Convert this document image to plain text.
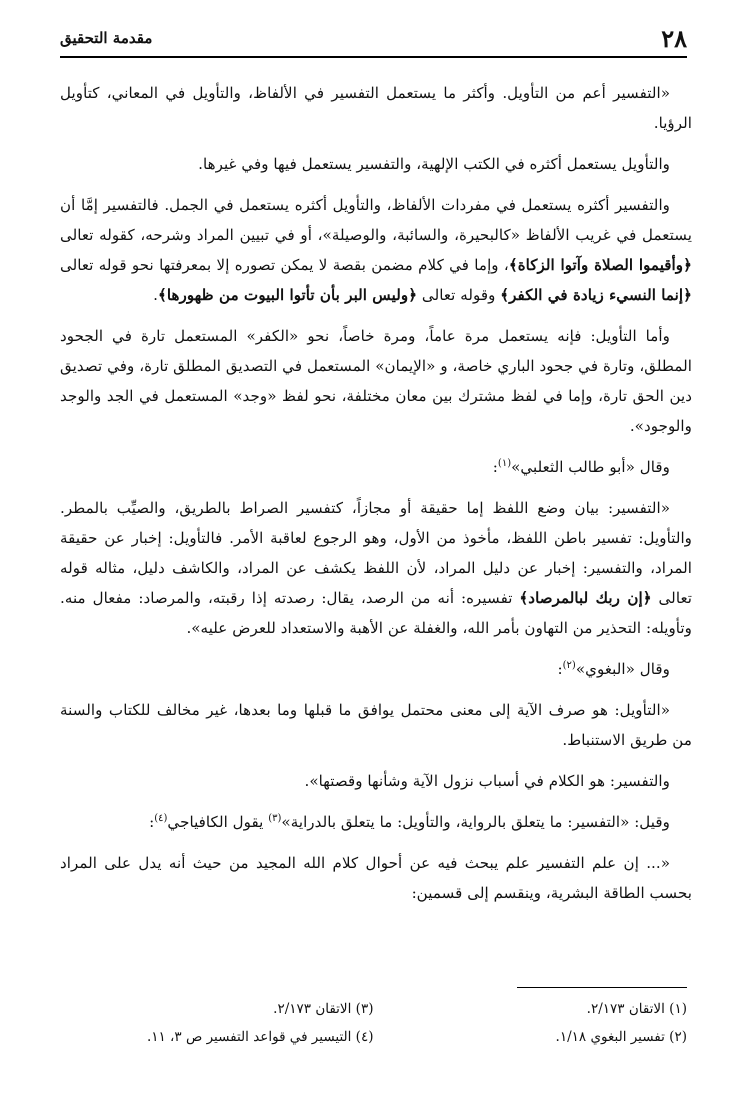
٢٨
مقدمة التحقيق

«التفسير أعم من التأويل. وأكثر ما يستعمل التفسير في الألفاظ، والتأويل في المعاني، كتأويل الرؤيا.

والتأويل يستعمل أكثره في الكتب الإلهية، والتفسير يستعمل فيها وفي غيرها.

والتفسير أكثره يستعمل في مفردات الألفاظ، والتأويل أكثره يستعمل في الجمل. فالتفسير إمَّا أن يستعمل في غريب الألفاظ «كالبحيرة، والسائبة، والوصيلة»، أو في تبيين المراد وشرحه، كقوله تعالى ﴿وأقيموا الصلاة وآتوا الزكاة﴾، وإما في كلام مضمن بقصة لا يمكن تصوره إلا بمعرفتها نحو قوله تعالى ﴿إنما النسيء زيادة في الكفر﴾ وقوله تعالى ﴿وليس البر بأن تأتوا البيوت من ظهورها﴾.

وأما التأويل: فإنه يستعمل مرة عاماً، ومرة خاصاً، نحو «الكفر» المستعمل تارة في الجحود المطلق، وتارة في جحود الباري خاصة، و «الإيمان» المستعمل في التصديق المطلق تارة، وفي تصديق دين الحق تارة، وإما في لفظ مشترك بين معان مختلفة، نحو لفظ «وجد» المستعمل في الجد والوجد والوجود».

وقال «أبو طالب الثعلبي»$^{(١)}$:

«التفسير: بيان وضع اللفظ إما حقيقة أو مجازاً، كتفسير الصراط بالطريق، والصيِّب بالمطر. والتأويل: تفسير باطن اللفظ، مأخوذ من الأول، وهو الرجوع لعاقبة الأمر. فالتأويل: إخبار عن حقيقة المراد، والتفسير: إخبار عن دليل المراد، لأن اللفظ يكشف عن المراد، والكاشف دليل، مثاله قوله تعالى ﴿إن ربك لبالمرصاد﴾ تفسيره: أنه من الرصد، يقال: رصدته إذا رقبته، والمرصاد: مفعال منه. وتأويله: التحذير من التهاون بأمر الله، والغفلة عن الأهبة والاستعداد للعرض عليه».

وقال «البغوي»$^{(٢)}$:

«التأويل: هو صرف الآية إلى معنى محتمل يوافق ما قبلها وما بعدها، غير مخالف للكتاب والسنة من طريق الاستنباط.

والتفسير: هو الكلام في أسباب نزول الآية وشأنها وقصتها».

وقيل: «التفسير: ما يتعلق بالرواية، والتأويل: ما يتعلق بالدراية»$^{(٣)}$ يقول الكافياجي$^{(٤)}$:

«... إن علم التفسير علم يبحث فيه عن أحوال كلام الله المجيد من حيث أنه يدل على المراد بحسب الطاقة البشرية، وينقسم إلى قسمين:

(١) الاتقان ٢/١٧٣.
(٣) الاتقان ٢/١٧٣.
(٢) تفسير البغوي ١/١٨.
(٤) التيسير في قواعد التفسير ص ٣، ١١.
